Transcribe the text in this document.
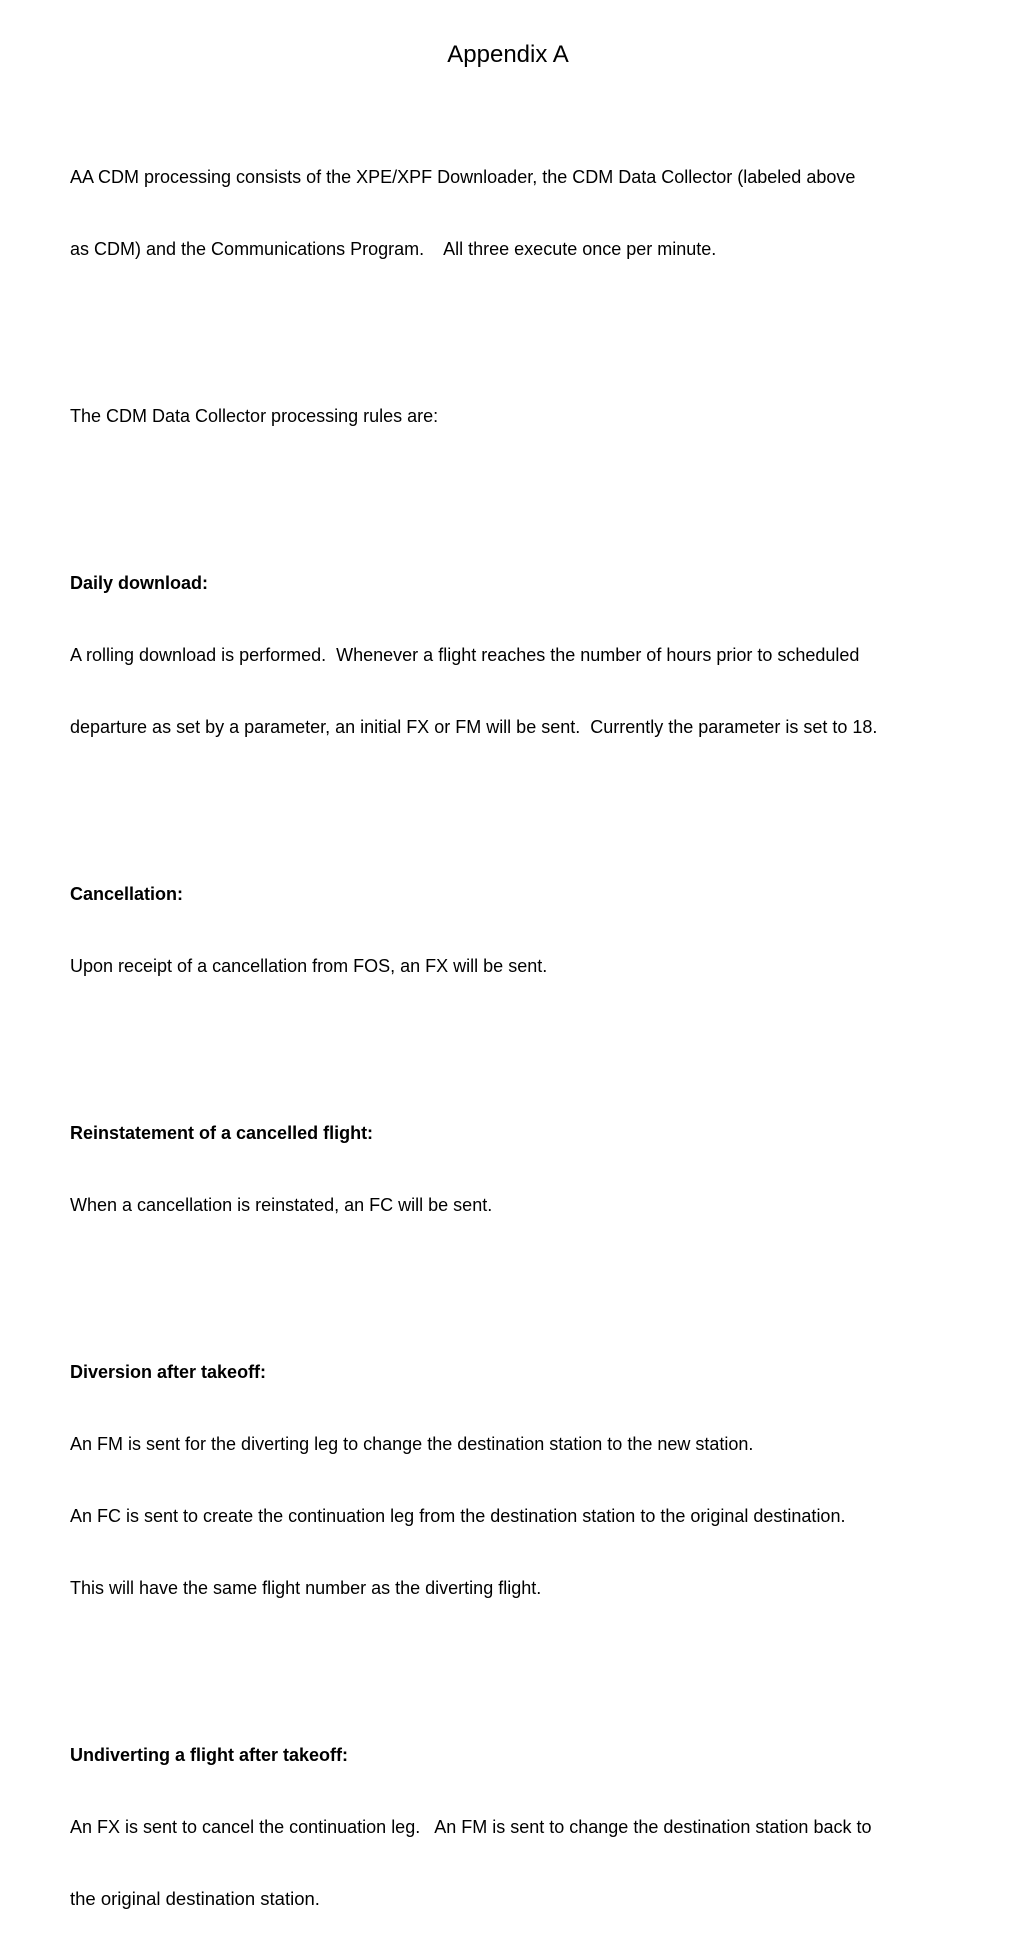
Appendix A

AA CDM processing consists of the XPE/XPF Downloader, the CDM Data Collector (labeled above

as CDM) and the Communications Program.    All three execute once per minute.

The CDM Data Collector processing rules are:

Daily download:

A rolling download is performed.  Whenever a flight reaches the number of hours prior to scheduled

departure as set by a parameter, an initial FX or FM will be sent.  Currently the parameter is set to 18.

Cancellation:

Upon receipt of a cancellation from FOS, an FX will be sent.

Reinstatement of a cancelled flight:

When a cancellation is reinstated, an FC will be sent.

Diversion after takeoff:

An FM is sent for the diverting leg to change the destination station to the new station.

An FC is sent to create the continuation leg from the destination station to the original destination.

This will have the same flight number as the diverting flight.

Undiverting a flight after takeoff:

An FX is sent to cancel the continuation leg.   An FM is sent to change the destination station back to

the original destination station.
